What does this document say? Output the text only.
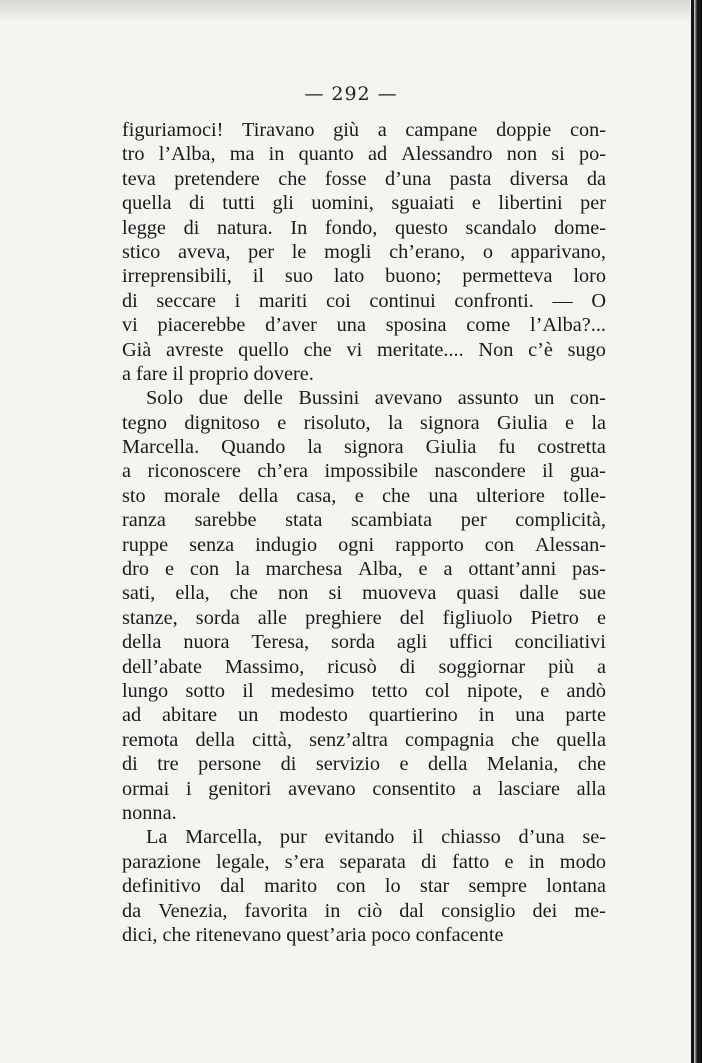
— 292 —
figuriamoci! Tiravano giù a campane doppie con-
tro l’Alba, ma in quanto ad Alessandro non si po-
teva pretendere che fosse d’una pasta diversa da
quella di tutti gli uomini, sguaiati e libertini per
legge di natura. In fondo, questo scandalo dome-
stico aveva, per le mogli ch’erano, o apparivano,
irreprensibili, il suo lato buono; permetteva loro
di seccare i mariti coi continui confronti. — O
vi piacerebbe d’aver una sposina come l’Alba?...
Già avreste quello che vi meritate.... Non c’è sugo
a fare il proprio dovere.
Solo due delle Bussini avevano assunto un con-
tegno dignitoso e risoluto, la signora Giulia e la
Marcella. Quando la signora Giulia fu costretta
a riconoscere ch’era impossibile nascondere il gua-
sto morale della casa, e che una ulteriore tolle-
ranza sarebbe stata scambiata per complicità,
ruppe senza indugio ogni rapporto con Alessan-
dro e con la marchesa Alba, e a ottant’anni pas-
sati, ella, che non si muoveva quasi dalle sue
stanze, sorda alle preghiere del figliuolo Pietro e
della nuora Teresa, sorda agli uffici conciliativi
dell’abate Massimo, ricusò di soggiornar più a
lungo sotto il medesimo tetto col nipote, e andò
ad abitare un modesto quartierino in una parte
remota della città, senz’altra compagnia che quella
di tre persone di servizio e della Melania, che
ormai i genitori avevano consentito a lasciare alla
nonna.
La Marcella, pur evitando il chiasso d’una se-
parazione legale, s’era separata di fatto e in modo
definitivo dal marito con lo star sempre lontana
da Venezia, favorita in ciò dal consiglio dei me-
dici, che ritenevano quest’aria poco confacente
